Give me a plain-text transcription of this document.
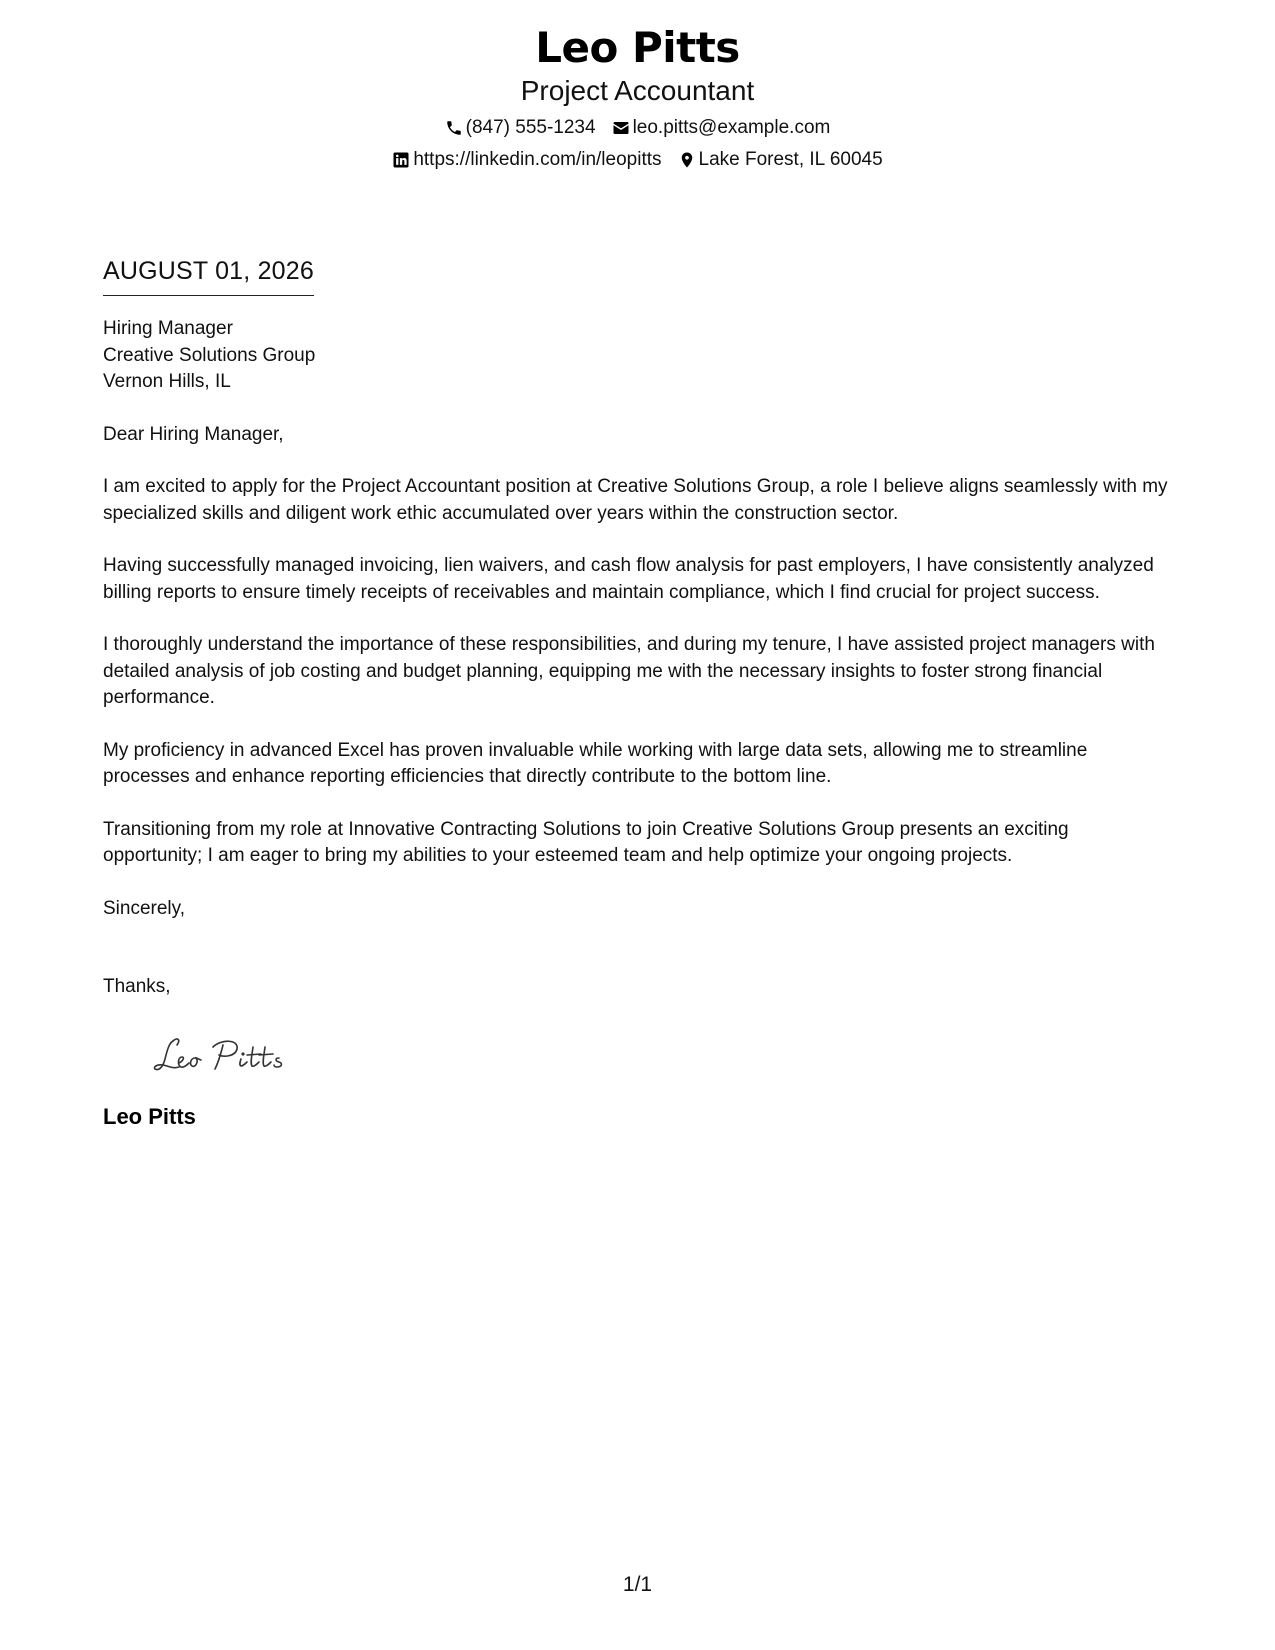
Leo Pitts
Project Accountant
(847) 555-1234 leo.pitts@example.com
https://linkedin.com/in/leopitts Lake Forest, IL 60045
AUGUST 01, 2026
Hiring Manager
Creative Solutions Group
Vernon Hills, IL
Dear Hiring Manager,
I am excited to apply for the Project Accountant position at Creative Solutions Group, a role I believe aligns seamlessly with my specialized skills and diligent work ethic accumulated over years within the construction sector.
Having successfully managed invoicing, lien waivers, and cash flow analysis for past employers, I have consistently analyzed billing reports to ensure timely receipts of receivables and maintain compliance, which I find crucial for project success.
I thoroughly understand the importance of these responsibilities, and during my tenure, I have assisted project managers with detailed analysis of job costing and budget planning, equipping me with the necessary insights to foster strong financial performance.
My proficiency in advanced Excel has proven invaluable while working with large data sets, allowing me to streamline processes and enhance reporting efficiencies that directly contribute to the bottom line.
Transitioning from my role at Innovative Contracting Solutions to join Creative Solutions Group presents an exciting opportunity; I am eager to bring my abilities to your esteemed team and help optimize your ongoing projects.
Sincerely,
Thanks,
Leo Pitts
1/1
